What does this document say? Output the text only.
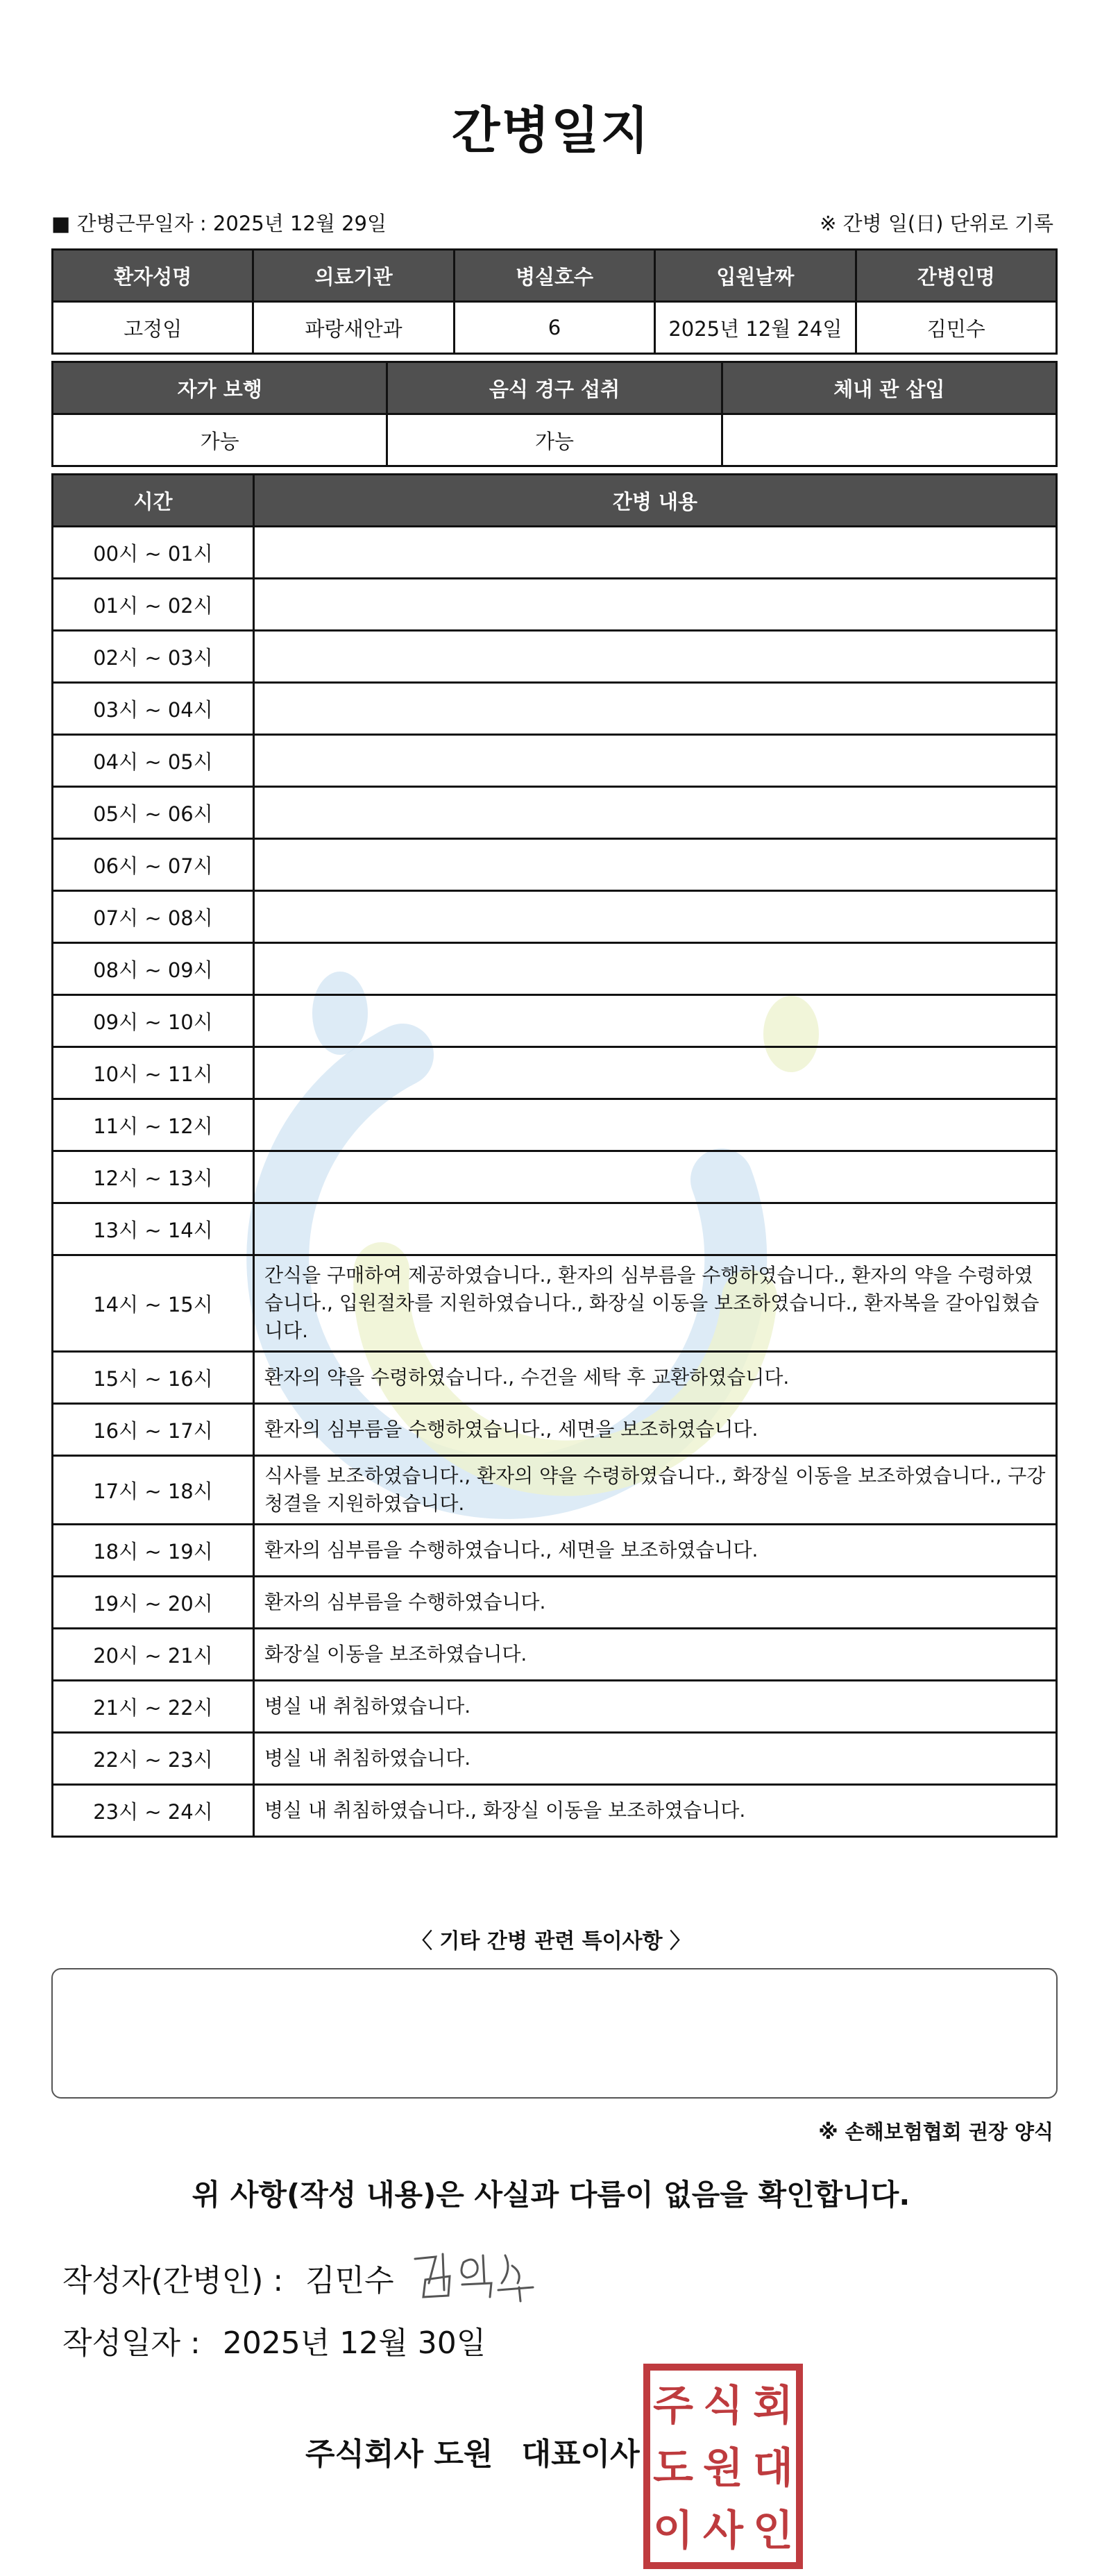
간병일지
■ 간병근무일자 : 2025년 12월 29일	※ 간병 일(日) 단위로 기록
환자성명	의료기관	병실호수	입원날짜	간병인명
고정임	파랑새안과	6	2025년 12월 24일	김민수
자가 보행	음식 경구 섭취	체내 관 삽입
가능	가능	
시간	간병 내용
00시 ~ 01시	
01시 ~ 02시	
02시 ~ 03시	
03시 ~ 04시	
04시 ~ 05시	
05시 ~ 06시	
06시 ~ 07시	
07시 ~ 08시	
08시 ~ 09시	
09시 ~ 10시	
10시 ~ 11시	
11시 ~ 12시	
12시 ~ 13시	
13시 ~ 14시	
14시 ~ 15시	간식을 구매하여 제공하였습니다., 환자의 심부름을 수행하였습니다., 환자의 약을 수령하였습니다., 입원절차를 지원하였습니다., 화장실 이동을 보조하였습니다., 환자복을 갈아입혔습니다.
15시 ~ 16시	환자의 약을 수령하였습니다., 수건을 세탁 후 교환하였습니다.
16시 ~ 17시	환자의 심부름을 수행하였습니다., 세면을 보조하였습니다.
17시 ~ 18시	식사를 보조하였습니다., 환자의 약을 수령하였습니다., 화장실 이동을 보조하였습니다., 구강청결을 지원하였습니다.
18시 ~ 19시	환자의 심부름을 수행하였습니다., 세면을 보조하였습니다.
19시 ~ 20시	환자의 심부름을 수행하였습니다.
20시 ~ 21시	화장실 이동을 보조하였습니다.
21시 ~ 22시	병실 내 취침하였습니다.
22시 ~ 23시	병실 내 취침하였습니다.
23시 ~ 24시	병실 내 취침하였습니다., 화장실 이동을 보조하였습니다.
〈 기타 간병 관련 특이사항 〉
※ 손해보험협회 권장 양식
위 사항(작성 내용)은 사실과 다름이 없음을 확인합니다.
작성자(간병인) : 김민수
작성일자 : 2025년 12월 30일
주식회사 도원 대표이사
주 식 회
도 원 대
이 사 인
